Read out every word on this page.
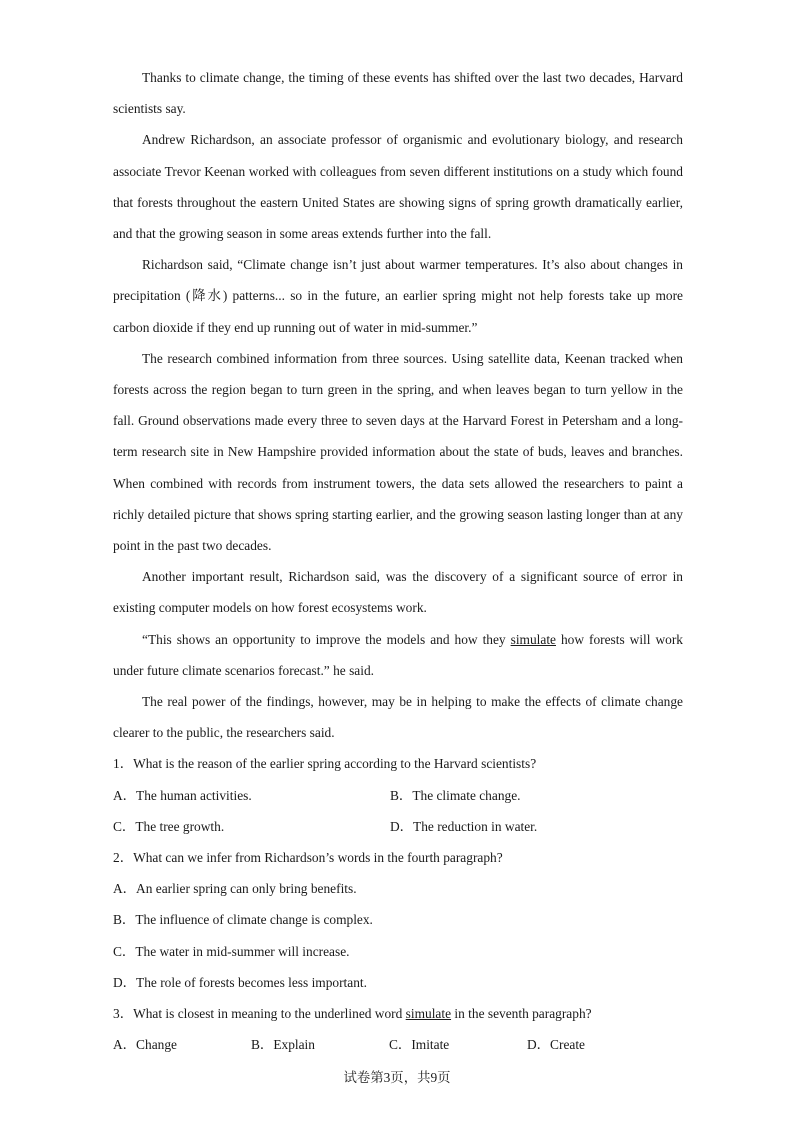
Thanks to climate change, the timing of these events has shifted over the last two decades, Harvard scientists say.

Andrew Richardson, an associate professor of organismic and evolutionary biology, and research associate Trevor Keenan worked with colleagues from seven different institutions on a study which found that forests throughout the eastern United States are showing signs of spring growth dramatically earlier, and that the growing season in some areas extends further into the fall.

Richardson said, “Climate change isn’t just about warmer temperatures. It’s also about changes in precipitation (降水) patterns... so in the future, an earlier spring might not help forests take up more carbon dioxide if they end up running out of water in mid-summer.”

The research combined information from three sources. Using satellite data, Keenan tracked when forests across the region began to turn green in the spring, and when leaves began to turn yellow in the fall. Ground observations made every three to seven days at the Harvard Forest in Petersham and a long-term research site in New Hampshire provided information about the state of buds, leaves and branches. When combined with records from instrument towers, the data sets allowed the researchers to paint a richly detailed picture that shows spring starting earlier, and the growing season lasting longer than at any point in the past two decades.

Another important result, Richardson said, was the discovery of a significant source of error in existing computer models on how forest ecosystems work.

“This shows an opportunity to improve the models and how they simulate how forests will work under future climate scenarios forecast.” he said.

The real power of the findings, however, may be in helping to make the effects of climate change clearer to the public, the researchers said.

1．What is the reason of the earlier spring according to the Harvard scientists?

A．The human activities.	B．The climate change.
C．The tree growth.	D．The reduction in water.

2．What can we infer from Richardson’s words in the fourth paragraph?

A．An earlier spring can only bring benefits.

B．The influence of climate change is complex.

C．The water in mid-summer will increase.

D．The role of forests becomes less important.

3．What is closest in meaning to the underlined word simulate in the seventh paragraph?

A．Change	B．Explain	C．Imitate	D．Create
试卷第3页，共9页
